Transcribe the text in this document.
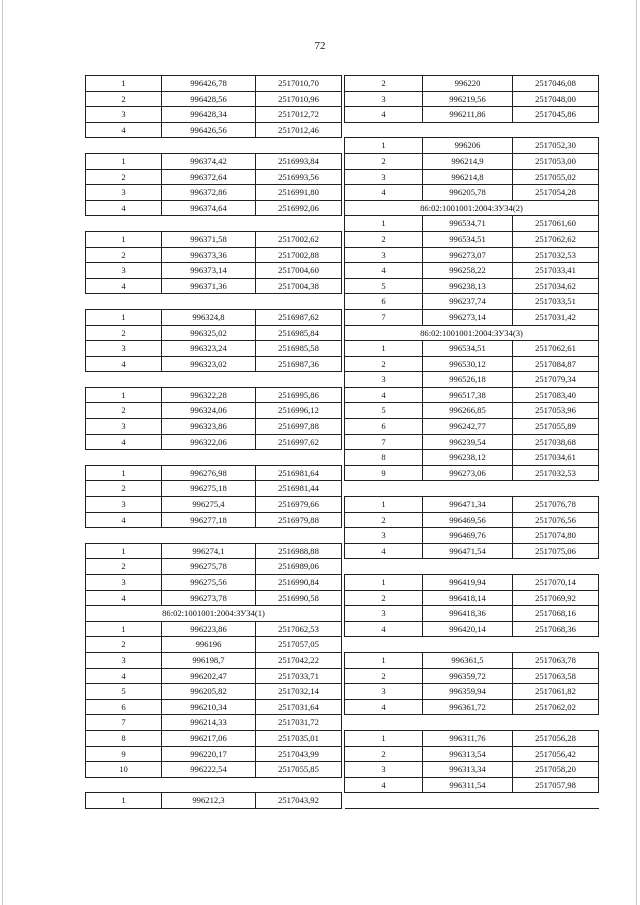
72
1	996426,78	2517010,70
2	996428,56	2517010,96
3	996428,34	2517012,72
4	996426,56	2517012,46

1	996374,42	2516993,84
2	996372,64	2516993,56
3	996372,86	2516991,80
4	996374,64	2516992,06

1	996371,58	2517002,62
2	996373,36	2517002,88
3	996373,14	2517004,60
4	996371,36	2517004,38

1	996324,8	2516987,62
2	996325,02	2516985,84
3	996323,24	2516985,58
4	996323,02	2516987,36

1	996322,28	2516995,86
2	996324,06	2516996,12
3	996323,86	2516997,88
4	996322,06	2516997,62

1	996276,98	2516981,64
2	996275,18	2516981,44
3	996275,4	2516979,66
4	996277,18	2516979,88

1	996274,1	2516988,88
2	996275,78	2516989,06
3	996275,56	2516990,84
4	996273,78	2516990,58
86:02:1001001:2004:ЗУ34(1)		
1	996223,86	2517062,53
2	996196	2517057,05
3	996198,7	2517042,22
4	996202,47	2517033,71
5	996205,82	2517032,14
6	996210,34	2517031,64
7	996214,33	2517031,72
8	996217,06	2517035,01
9	996220,17	2517043,99
10	996222,54	2517055,85

1	996212,3	2517043,92
2	996220	2517046,08
3	996219,56	2517048,00
4	996211,86	2517045,86

1	996206	2517052,30
2	996214,9	2517053,00
3	996214,8	2517055,02
4	996205,78	2517054,28
86:02:1001001:2004:ЗУ34(2)		
1	996534,71	2517061,60
2	996534,51	2517062,62
3	996273,07	2517032,53
4	996258,22	2517033,41
5	996238,13	2517034,62
6	996237,74	2517033,51
7	996273,14	2517031,42
86:02:1001001:2004:ЗУ34(3)		
1	996534,51	2517062,61
2	996530,12	2517084,87
3	996526,18	2517079,34
4	996517,38	2517083,40
5	996266,85	2517053,96
6	996242,77	2517055,89
7	996239,54	2517038,68
8	996238,12	2517034,61
9	996273,06	2517032,53

1	996471,34	2517076,78
2	996469,56	2517076,56
3	996469,76	2517074,80
4	996471,54	2517075,06

1	996419,94	2517070,14
2	996418,14	2517069,92
3	996418,36	2517068,16
4	996420,14	2517068,36

1	996361,5	2517063,78
2	996359,72	2517063,58
3	996359,94	2517061,82
4	996361,72	2517062,02

1	996311,76	2517056,28
2	996313,54	2517056,42
3	996313,34	2517058,20
4	996311,54	2517057,98
